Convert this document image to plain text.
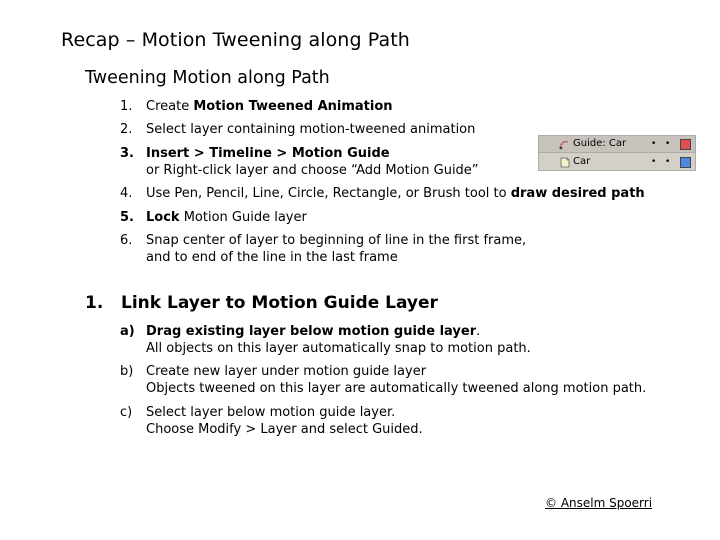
Recap – Motion Tweening along Path
Tweening Motion along Path
1. Create Motion Tweened Animation
2. Select layer containing motion-tweened animation
3. Insert > Timeline > Motion Guide
or Right-click layer and choose “Add Motion Guide”
4. Use Pen, Pencil, Line, Circle, Rectangle, or Brush tool to draw desired path
5. Lock Motion Guide layer
6. Snap center of layer to beginning of line in the first frame,
and to end of the line in the last frame
Guide: Car	• •
Car	• •
1. Link Layer to Motion Guide Layer
a) Drag existing layer below motion guide layer.
All objects on this layer automatically snap to motion path.
b) Create new layer under motion guide layer
Objects tweened on this layer are automatically tweened along motion path.
c) Select layer below motion guide layer.
Choose Modify > Layer and select Guided.
© Anselm Spoerri
